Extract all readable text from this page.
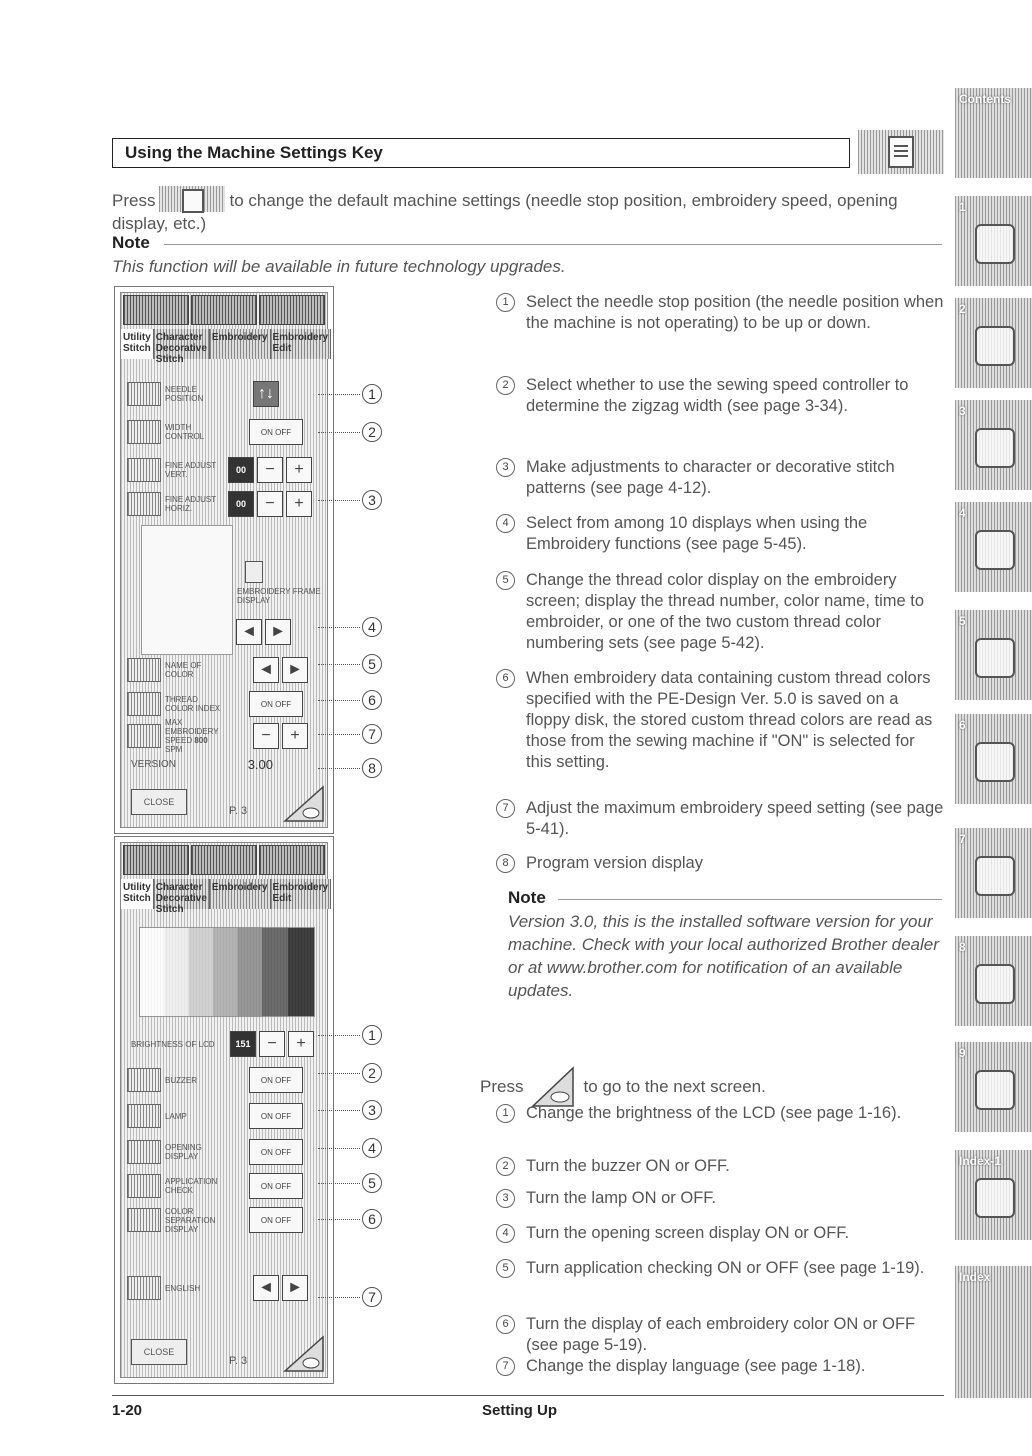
Using the Machine Settings Key
Press	to change the default machine settings (needle stop position, embroidery speed, opening display, etc.)
Note
This function will be available in future technology upgrades.
Utility Stitch
Character Decorative Stitch
Embroidery Embroidery Edit
NEEDLE POSITION	↑↓
WIDTH CONTROL	ON
OFF
FINE ADJUST VERT.	00	−	+
FINE ADJUST HORIZ.	00	−	+
EMBROIDERY FRAME DISPLAY
◄ ►
NAME OF COLOR	◄ ►
THREAD COLOR INDEX	ON
OFF
MAX EMBROIDERY SPEED 800 SPM
−	+
VERSION	3.00
CLOSE
P. 3
Utility Stitch
Character Decorative Stitch
Embroidery Embroidery Edit
BRIGHTNESS OF LCD	151	−	+
BUZZER	ON
OFF
LAMP	ON
OFF
OPENING DISPLAY	ON
OFF
APPLICATION CHECK	ON
OFF
COLOR SEPARATION DISPLAY
ON
OFF
ENGLISH	◄ ►
CLOSE
P. 3
1
2
3
4
5
6
7
8
1
2
3
4
5
6
7
1	Select the needle stop position (the needle position when the machine is not operating) to be up or down.
2	Select whether to use the sewing speed controller to determine the zigzag width (see page 3-34).
3	Make adjustments to character or decorative stitch patterns (see page 4-12).
4	Select from among 10 displays when using the Embroidery functions (see page 5-45).
5	Change the thread color display on the embroidery screen; display the thread number, color name, time to embroider, or one of the two custom thread color numbering sets (see page 5-42).
6	When embroidery data containing custom thread colors specified with the PE-Design Ver. 5.0 is saved on a floppy disk, the stored custom thread colors are read as those from the sewing machine if "ON" is selected for this setting.
7	Adjust the maximum embroidery speed setting (see page 5-41).
8	Program version display
Note
Version 3.0, this is the installed software version for your machine. Check with your local authorized Brother dealer or at www.brother.com for notification of an available updates.
Press	to go to the next screen.
1	Change the brightness of the LCD (see page 1-16).
2	Turn the buzzer ON or OFF.
3	Turn the lamp ON or OFF.
4	Turn the opening screen display ON or OFF.
5	Turn application checking ON or OFF (see page 1-19).
6	Turn the display of each embroidery color ON or OFF (see page 5-19).
7	Change the display language (see page 1-18).
1-20	Setting Up
Contents
1
2
3
4
5
6
7
8
9
Index-1
Index
